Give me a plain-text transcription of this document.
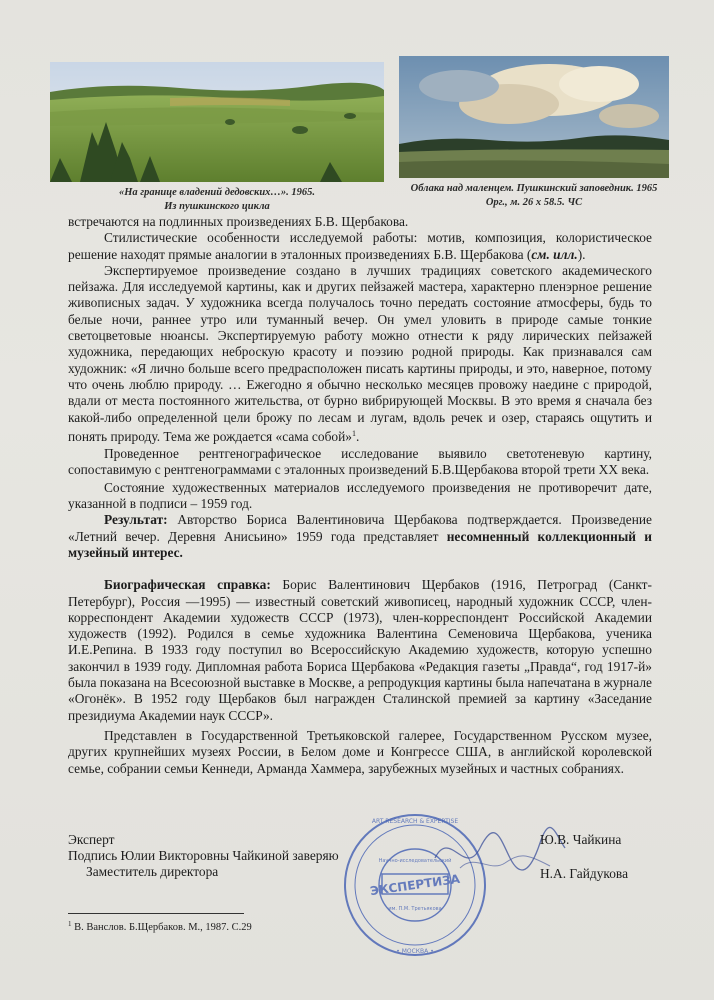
«На границе владений дедовских…». 1965.
Из пушкинского цикла
Облака над маленцем. Пушкинский заповедник. 1965
Орг., м. 26 х 58.5. ЧС

встречаются на подлинных произведениях Б.В. Щербакова.

Стилистические особенности исследуемой работы: мотив, композиция, колористическое решение находят прямые аналогии в эталонных произведениях Б.В. Щербакова (см. илл.).

Экспертируемое произведение создано в лучших традициях советского академического пейзажа. Для исследуемой картины, как и других пейзажей мастера, характерно пленэрное решение живописных задач. У художника всегда получалось точно передать состояние атмосферы, будь то белые ночи, раннее утро или туманный вечер. Он умел уловить в природе самые тонкие светоцветовые нюансы. Экспертируемую работу можно отнести к ряду лирических пейзажей художника, передающих неброскую красоту и поэзию родной природы. Как признавался сам художник: «Я лично больше всего предрасположен писать картины природы, и это, наверное, потому что очень люблю природу. … Ежегодно я обычно несколько месяцев провожу наедине с природой, вдали от места постоянного жительства, от бурно вибрирующей Москвы. В это время я сначала без какой-либо определенной цели брожу по лесам и лугам, вдоль речек и озер, стараясь ощутить и понять природу. Тема же рождается «сама собой»$^1$.

Проведенное рентгенографическое исследование выявило светотеневую картину, сопоставимую с рентгенограммами с эталонных произведений Б.В.Щербакова второй трети XX века.

Состояние художественных материалов исследуемого произведения не противоречит дате, указанной в подписи – 1959 год.

Результат: Авторство Бориса Валентиновича Щербакова подтверждается. Произведение «Летний вечер. Деревня Анисьино» 1959 года представляет несомненный коллекционный и музейный интерес.

Биографическая справка: Борис Валентинович Щербаков (1916, Петроград (Санкт-Петербург), Россия —1995) — известный советский живописец, народный художник СССР, член-корреспондент Академии художеств СССР (1973), член-корреспондент Российской Академии художеств (1992). Родился в семье художника Валентина Семеновича Щербакова, ученика И.Е.Репина. В 1933 году поступил во Всероссийскую Академию художеств, которую успешно закончил в 1939 году. Дипломная работа Бориса Щербакова «Редакция газеты „Правда“, год 1917-й» была показана на Всесоюзной выставке в Москве, а репродукция картины была напечатана в журнале «Огонёк». В 1952 году Щербаков был награжден Сталинской премией за картину «Заседание президиума Академии наук СССР».

Представлен в Государственной Третьяковской галерее, Государственном Русском музее, других крупнейших музеях России, в Белом доме и Конгрессе США, в английской королевской семье, собрании семьи Кеннеди, Арманда Хаммера, зарубежных музейных и частных собраниях.

ЭКСПЕРТИЗА
Научно-исследовательский
им. П.М. Третьякова
ART RESEARCH & EXPERTISE
• МОСКВА •
Эксперт	Ю.В. Чайкина
Подпись Юлии Викторовны Чайкиной заверяю
Заместитель директора	Н.А. Гайдукова
$^1$ В. Ванслов. Б.Щербаков. М., 1987. С.29
